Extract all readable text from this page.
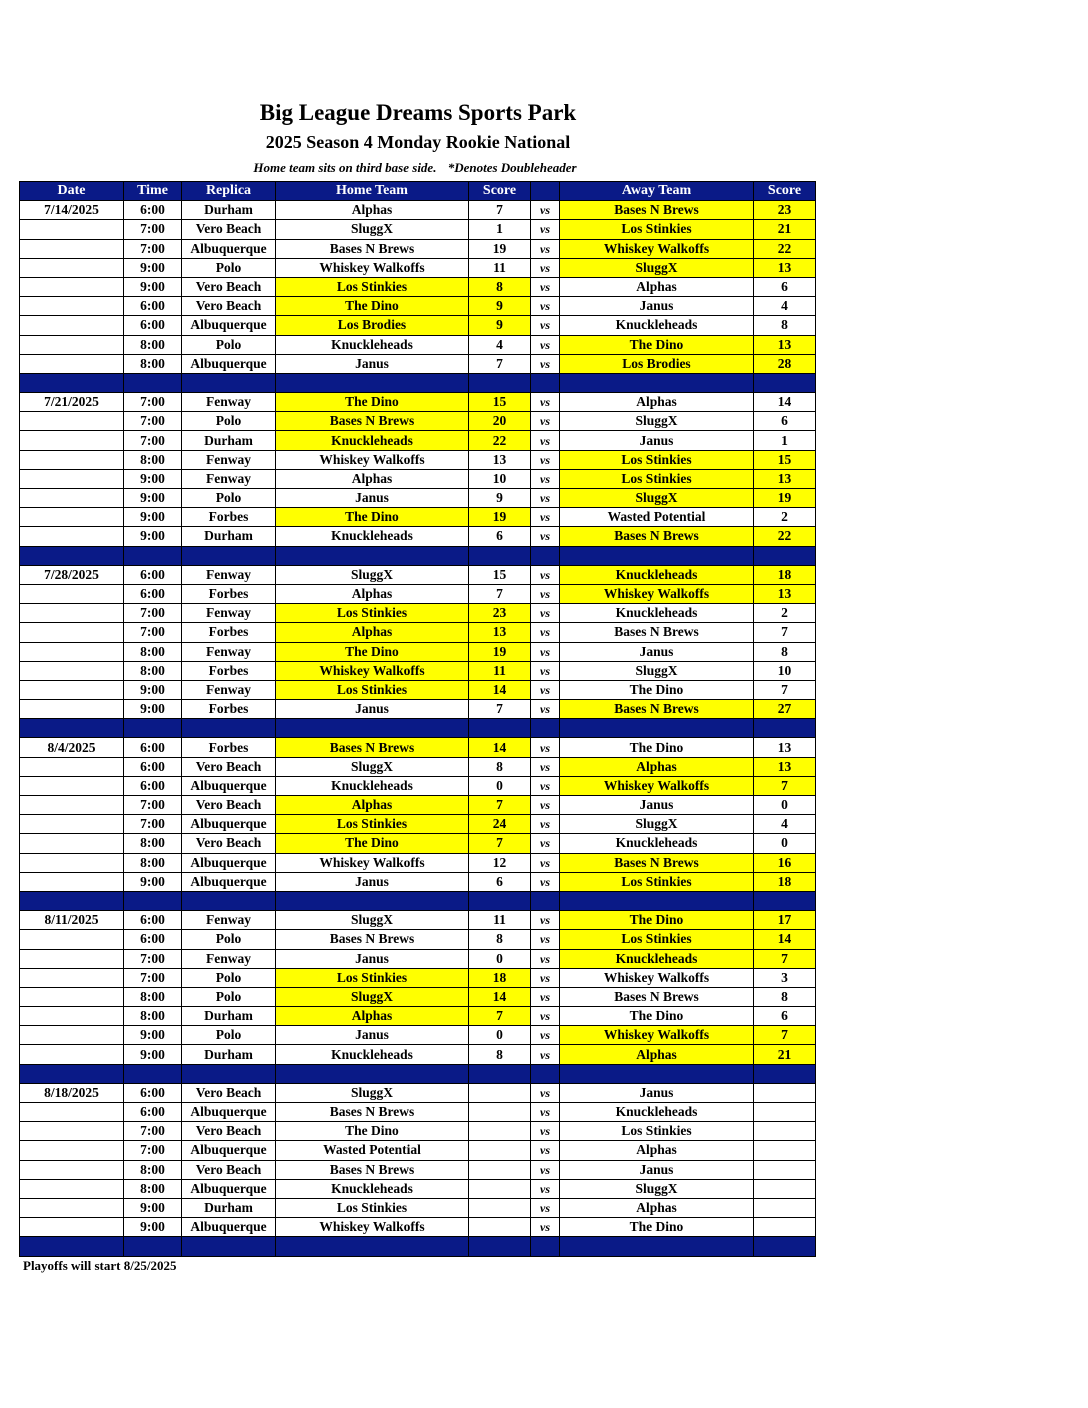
Big League Dreams Sports Park
2025 Season 4 Monday Rookie National
Home team sits on third base side. *Denotes Doubleheader
Date	Time	Replica	Home Team	Score		Away Team	Score
7/14/2025	6:00	Durham	Alphas	7	vs	Bases N Brews	23
	7:00	Vero Beach	SluggX	1	vs	Los Stinkies	21
	7:00	Albuquerque	Bases N Brews	19	vs	Whiskey Walkoffs	22
	9:00	Polo	Whiskey Walkoffs	11	vs	SluggX	13
	9:00	Vero Beach	Los Stinkies	8	vs	Alphas	6
	6:00	Vero Beach	The Dino	9	vs	Janus	4
	6:00	Albuquerque	Los Brodies	9	vs	Knuckleheads	8
	8:00	Polo	Knuckleheads	4	vs	The Dino	13
	8:00	Albuquerque	Janus	7	vs	Los Brodies	28

7/21/2025	7:00	Fenway	The Dino	15	vs	Alphas	14
	7:00	Polo	Bases N Brews	20	vs	SluggX	6
	7:00	Durham	Knuckleheads	22	vs	Janus	1
	8:00	Fenway	Whiskey Walkoffs	13	vs	Los Stinkies	15
	9:00	Fenway	Alphas	10	vs	Los Stinkies	13
	9:00	Polo	Janus	9	vs	SluggX	19
	9:00	Forbes	The Dino	19	vs	Wasted Potential	2
	9:00	Durham	Knuckleheads	6	vs	Bases N Brews	22

7/28/2025	6:00	Fenway	SluggX	15	vs	Knuckleheads	18
	6:00	Forbes	Alphas	7	vs	Whiskey Walkoffs	13
	7:00	Fenway	Los Stinkies	23	vs	Knuckleheads	2
	7:00	Forbes	Alphas	13	vs	Bases N Brews	7
	8:00	Fenway	The Dino	19	vs	Janus	8
	8:00	Forbes	Whiskey Walkoffs	11	vs	SluggX	10
	9:00	Fenway	Los Stinkies	14	vs	The Dino	7
	9:00	Forbes	Janus	7	vs	Bases N Brews	27

8/4/2025	6:00	Forbes	Bases N Brews	14	vs	The Dino	13
	6:00	Vero Beach	SluggX	8	vs	Alphas	13
	6:00	Albuquerque	Knuckleheads	0	vs	Whiskey Walkoffs	7
	7:00	Vero Beach	Alphas	7	vs	Janus	0
	7:00	Albuquerque	Los Stinkies	24	vs	SluggX	4
	8:00	Vero Beach	The Dino	7	vs	Knuckleheads	0
	8:00	Albuquerque	Whiskey Walkoffs	12	vs	Bases N Brews	16
	9:00	Albuquerque	Janus	6	vs	Los Stinkies	18

8/11/2025	6:00	Fenway	SluggX	11	vs	The Dino	17
	6:00	Polo	Bases N Brews	8	vs	Los Stinkies	14
	7:00	Fenway	Janus	0	vs	Knuckleheads	7
	7:00	Polo	Los Stinkies	18	vs	Whiskey Walkoffs	3
	8:00	Polo	SluggX	14	vs	Bases N Brews	8
	8:00	Durham	Alphas	7	vs	The Dino	6
	9:00	Polo	Janus	0	vs	Whiskey Walkoffs	7
	9:00	Durham	Knuckleheads	8	vs	Alphas	21

8/18/2025	6:00	Vero Beach	SluggX		vs	Janus	
	6:00	Albuquerque	Bases N Brews		vs	Knuckleheads	
	7:00	Vero Beach	The Dino		vs	Los Stinkies	
	7:00	Albuquerque	Wasted Potential		vs	Alphas	
	8:00	Vero Beach	Bases N Brews		vs	Janus	
	8:00	Albuquerque	Knuckleheads		vs	SluggX	
	9:00	Durham	Los Stinkies		vs	Alphas	
	9:00	Albuquerque	Whiskey Walkoffs		vs	The Dino	

Playoffs will start 8/25/2025
